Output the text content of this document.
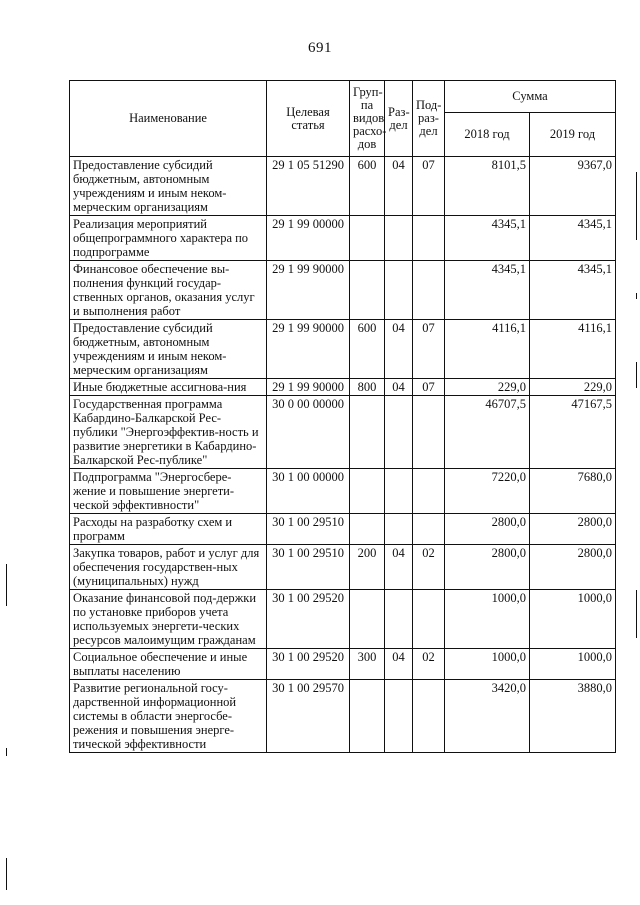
691
Наименование	Целевая статья	Груп-па видов расхо-дов	Раз-дел	Под-раз-дел	Сумма	
					2018 год	2019 год
Предоставление субсидий бюджетным, автономным учреждениям и иным неком-мерческим организациям	29 1 05 51290	600	04	07	8101,5	9367,0
Реализация мероприятий общепрограммного характера по подпрограмме	29 1 99 00000				4345,1	4345,1
Финансовое обеспечение вы-полнения функций государ-ственных органов, оказания услуг и выполнения работ	29 1 99 90000				4345,1	4345,1
Предоставление субсидий бюджетным, автономным учреждениям и иным неком-мерческим организациям	29 1 99 90000	600	04	07	4116,1	4116,1
Иные бюджетные ассигнова-ния	29 1 99 90000	800	04	07	229,0	229,0
Государственная программа Кабардино-Балкарской Рес-публики "Энергоэффектив-ность и развитие энергетики в Кабардино-Балкарской Рес-публике"	30 0 00 00000				46707,5	47167,5
Подпрограмма "Энергосбере-жение и повышение энергети-ческой эффективности"	30 1 00 00000				7220,0	7680,0
Расходы на разработку схем и программ	30 1 00 29510				2800,0	2800,0
Закупка товаров, работ и услуг для обеспечения государствен-ных (муниципальных) нужд	30 1 00 29510	200	04	02	2800,0	2800,0
Оказание финансовой под-держки по установке приборов учета используемых энергети-ческих ресурсов малоимущим гражданам	30 1 00 29520				1000,0	1000,0
Социальное обеспечение и иные выплаты населению	30 1 00 29520	300	04	02	1000,0	1000,0
Развитие региональной госу-дарственной информационной системы в области энергосбе-режения и повышения энерге-тической эффективности	30 1 00 29570				3420,0	3880,0
